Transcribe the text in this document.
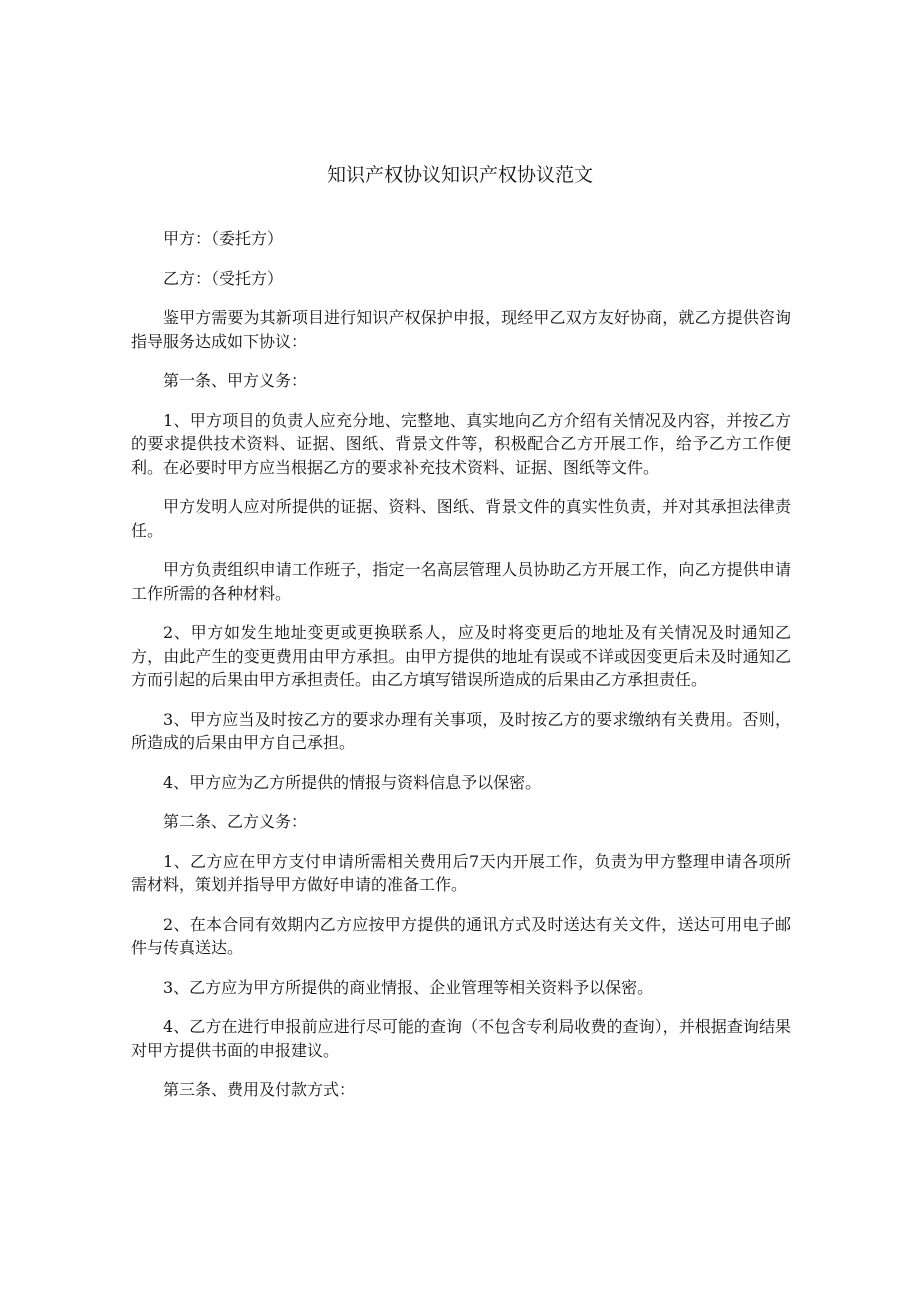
知识产权协议知识产权协议范文

甲方：（委托方）

乙方：（受托方）

鉴甲方需要为其新项目进行知识产权保护申报，现经甲乙双方友好协商，就乙方提供咨询指导服务达成如下协议：

第一条、甲方义务：

1、甲方项目的负责人应充分地、完整地、真实地向乙方介绍有关情况及内容，并按乙方的要求提供技术资料、证据、图纸、背景文件等，积极配合乙方开展工作，给予乙方工作便利。在必要时甲方应当根据乙方的要求补充技术资料、证据、图纸等文件。

甲方发明人应对所提供的证据、资料、图纸、背景文件的真实性负责，并对其承担法律责任。

甲方负责组织申请工作班子，指定一名高层管理人员协助乙方开展工作，向乙方提供申请工作所需的各种材料。

2、甲方如发生地址变更或更换联系人，应及时将变更后的地址及有关情况及时通知乙方，由此产生的变更费用由甲方承担。由甲方提供的地址有误或不详或因变更后未及时通知乙方而引起的后果由甲方承担责任。由乙方填写错误所造成的后果由乙方承担责任。

3、甲方应当及时按乙方的要求办理有关事项，及时按乙方的要求缴纳有关费用。否则，所造成的后果由甲方自己承担。

4、甲方应为乙方所提供的情报与资料信息予以保密。

第二条、乙方义务：

1、乙方应在甲方支付申请所需相关费用后7天内开展工作，负责为甲方整理申请各项所需材料，策划并指导甲方做好申请的准备工作。

2、在本合同有效期内乙方应按甲方提供的通讯方式及时送达有关文件，送达可用电子邮件与传真送达。

3、乙方应为甲方所提供的商业情报、企业管理等相关资料予以保密。

4、乙方在进行申报前应进行尽可能的查询（不包含专利局收费的查询），并根据查询结果对甲方提供书面的申报建议。

第三条、费用及付款方式：
